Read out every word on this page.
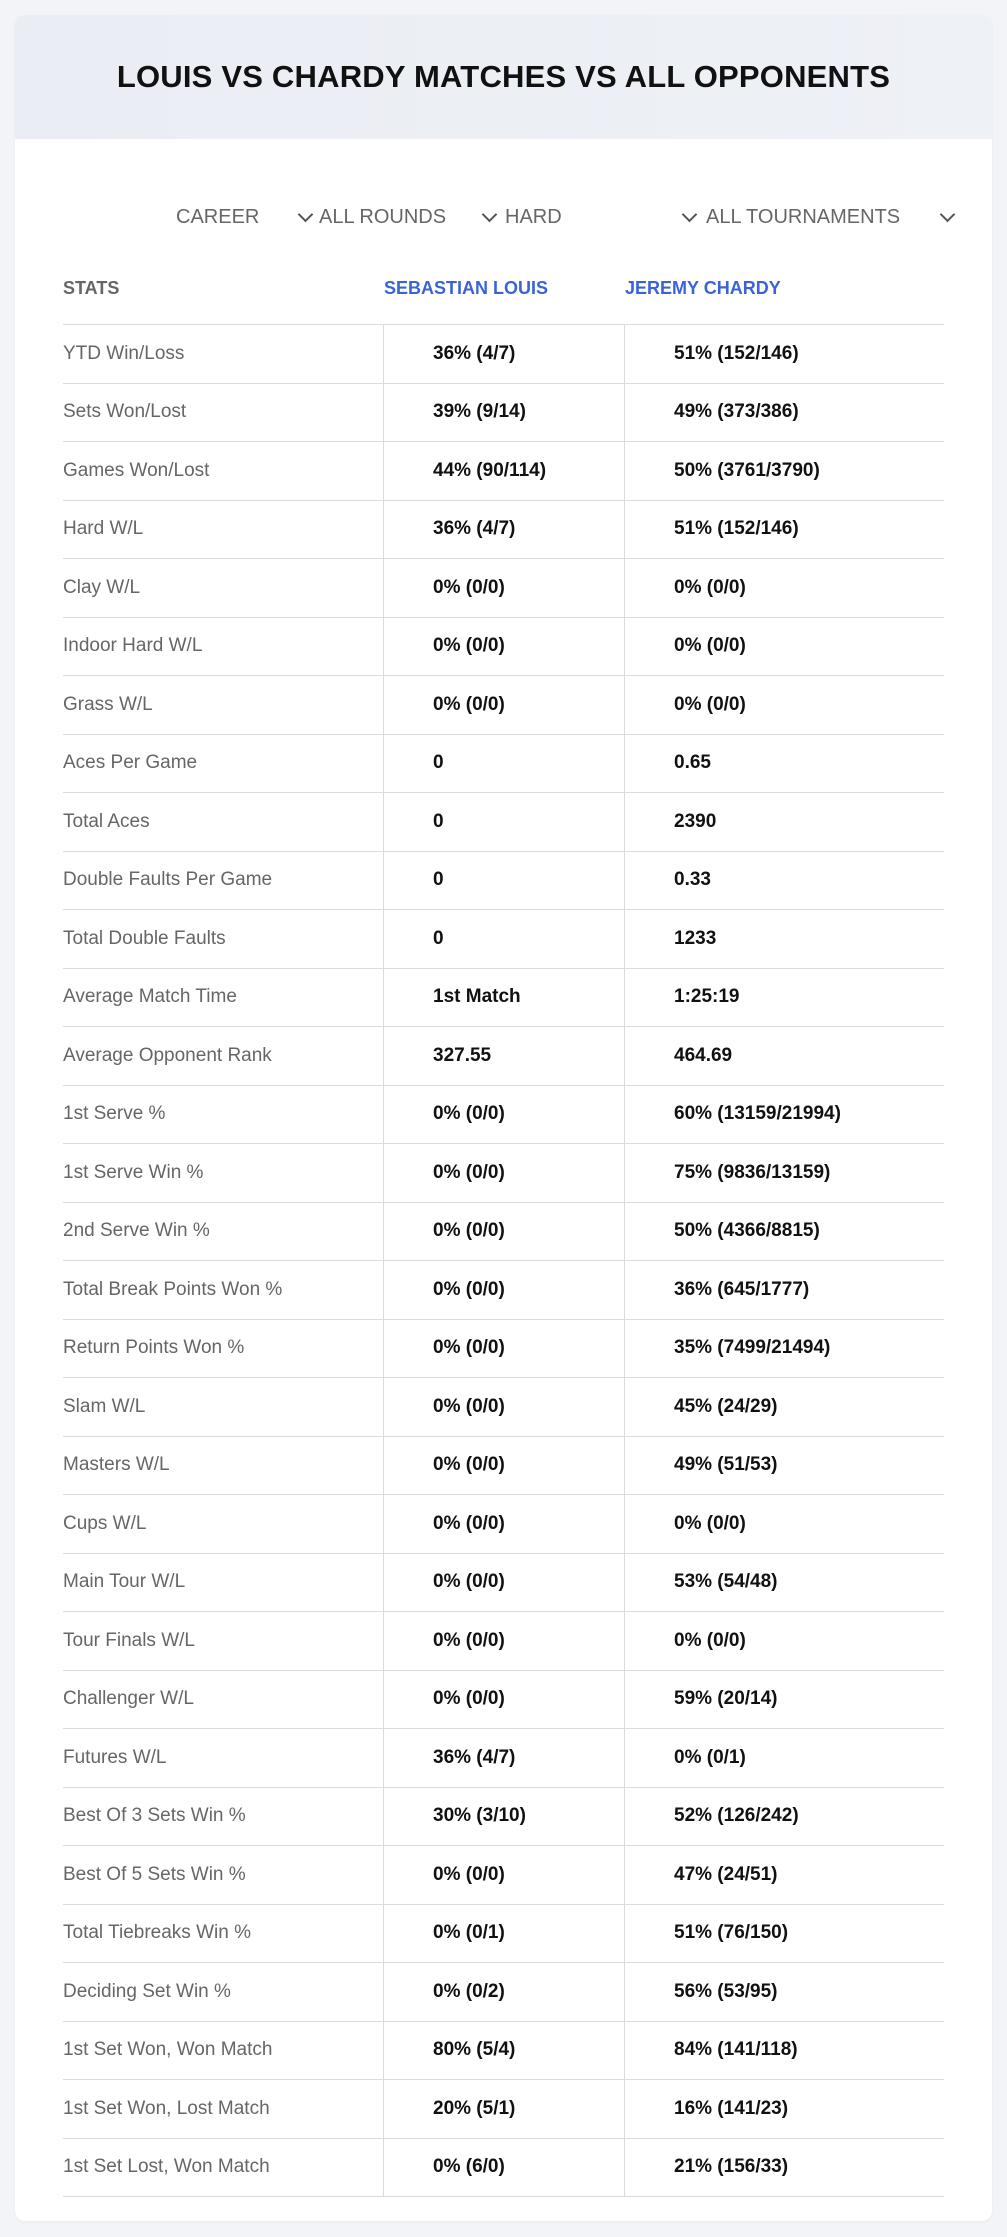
LOUIS VS CHARDY MATCHES VS ALL OPPONENTS
CAREER	ALL ROUNDS	HARD	ALL TOURNAMENTS
STATS	SEBASTIAN LOUIS	JEREMY CHARDY
YTD Win/Loss	36% (4/7)	51% (152/146)
Sets Won/Lost	39% (9/14)	49% (373/386)
Games Won/Lost	44% (90/114)	50% (3761/3790)
Hard W/L	36% (4/7)	51% (152/146)
Clay W/L	0% (0/0)	0% (0/0)
Indoor Hard W/L	0% (0/0)	0% (0/0)
Grass W/L	0% (0/0)	0% (0/0)
Aces Per Game	0	0.65
Total Aces	0	2390
Double Faults Per Game	0	0.33
Total Double Faults	0	1233
Average Match Time	1st Match	1:25:19
Average Opponent Rank	327.55	464.69
1st Serve %	0% (0/0)	60% (13159/21994)
1st Serve Win %	0% (0/0)	75% (9836/13159)
2nd Serve Win %	0% (0/0)	50% (4366/8815)
Total Break Points Won %	0% (0/0)	36% (645/1777)
Return Points Won %	0% (0/0)	35% (7499/21494)
Slam W/L	0% (0/0)	45% (24/29)
Masters W/L	0% (0/0)	49% (51/53)
Cups W/L	0% (0/0)	0% (0/0)
Main Tour W/L	0% (0/0)	53% (54/48)
Tour Finals W/L	0% (0/0)	0% (0/0)
Challenger W/L	0% (0/0)	59% (20/14)
Futures W/L	36% (4/7)	0% (0/1)
Best Of 3 Sets Win %	30% (3/10)	52% (126/242)
Best Of 5 Sets Win %	0% (0/0)	47% (24/51)
Total Tiebreaks Win %	0% (0/1)	51% (76/150)
Deciding Set Win %	0% (0/2)	56% (53/95)
1st Set Won, Won Match	80% (5/4)	84% (141/118)
1st Set Won, Lost Match	20% (5/1)	16% (141/23)
1st Set Lost, Won Match	0% (6/0)	21% (156/33)
